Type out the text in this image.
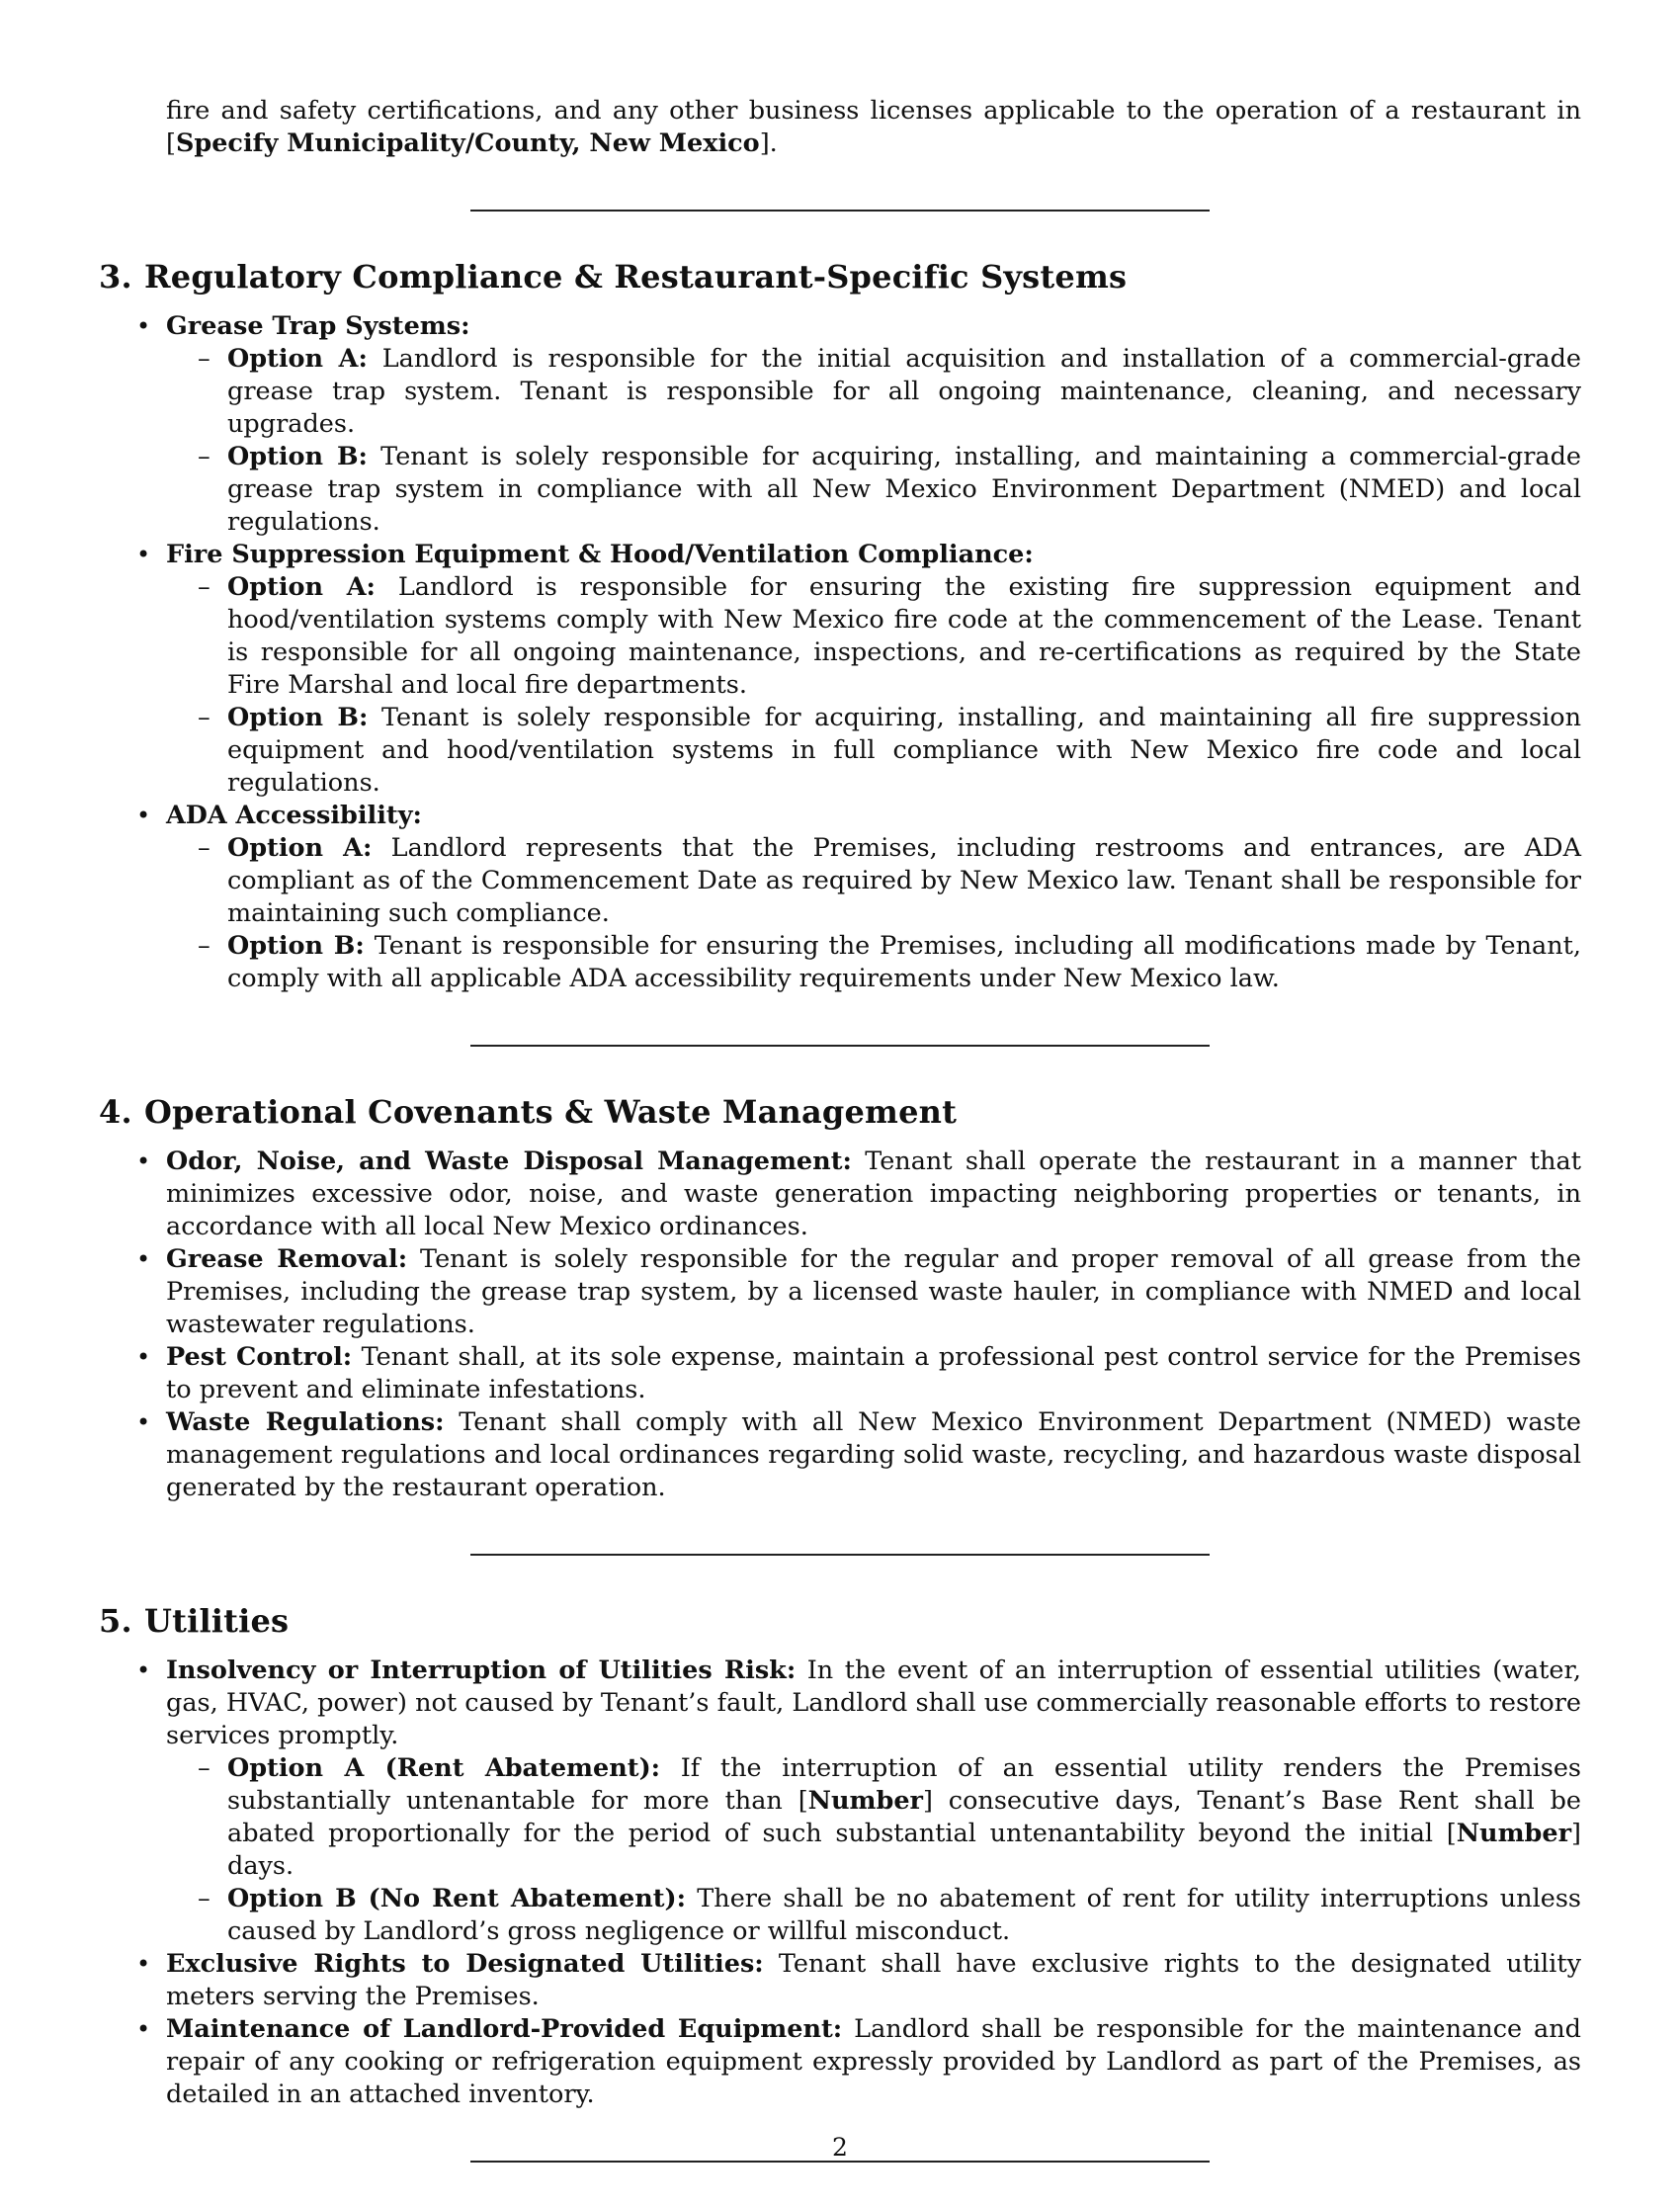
fire and safety certifications, and any other business licenses applicable to the operation of a restaurant in [Specify Municipality/County, New Mexico].

3. Regulatory Compliance & Restaurant-Specific Systems
• Grease Trap Systems:
– Option A: Landlord is responsible for the initial acquisition and installation of a commercial-grade grease trap system. Tenant is responsible for all ongoing maintenance, cleaning, and necessary upgrades.
– Option B: Tenant is solely responsible for acquiring, installing, and maintaining a commercial-grade grease trap system in compliance with all New Mexico Environment Department (NMED) and local regulations.
• Fire Suppression Equipment & Hood/Ventilation Compliance:
– Option A: Landlord is responsible for ensuring the existing fire suppression equipment and hood/ventilation systems comply with New Mexico fire code at the commencement of the Lease. Tenant is responsible for all ongoing maintenance, inspections, and re-certifications as required by the State Fire Marshal and local fire departments.
– Option B: Tenant is solely responsible for acquiring, installing, and maintaining all fire suppression equipment and hood/ventilation systems in full compliance with New Mexico fire code and local regulations.
• ADA Accessibility:
– Option A: Landlord represents that the Premises, including restrooms and entrances, are ADA compliant as of the Commencement Date as required by New Mexico law. Tenant shall be responsible for maintaining such compliance.
– Option B: Tenant is responsible for ensuring the Premises, including all modifications made by Tenant, comply with all applicable ADA accessibility requirements under New Mexico law.
4. Operational Covenants & Waste Management
• Odor, Noise, and Waste Disposal Management: Tenant shall operate the restaurant in a manner that minimizes excessive odor, noise, and waste generation impacting neighboring properties or tenants, in accordance with all local New Mexico ordinances.
• Grease Removal: Tenant is solely responsible for the regular and proper removal of all grease from the Premises, including the grease trap system, by a licensed waste hauler, in compliance with NMED and local wastewater regulations.
• Pest Control: Tenant shall, at its sole expense, maintain a professional pest control service for the Premises to prevent and eliminate infestations.
• Waste Regulations: Tenant shall comply with all New Mexico Environment Department (NMED) waste management regulations and local ordinances regarding solid waste, recycling, and hazardous waste disposal generated by the restaurant operation.
5. Utilities
• Insolvency or Interruption of Utilities Risk: In the event of an interruption of essential utilities (water, gas, HVAC, power) not caused by Tenant’s fault, Landlord shall use commercially reasonable efforts to restore services promptly.
– Option A (Rent Abatement): If the interruption of an essential utility renders the Premises substantially untenantable for more than [Number] consecutive days, Tenant’s Base Rent shall be abated proportionally for the period of such substantial untenantability beyond the initial [Number] days.
– Option B (No Rent Abatement): There shall be no abatement of rent for utility interruptions unless caused by Landlord’s gross negligence or willful misconduct.
• Exclusive Rights to Designated Utilities: Tenant shall have exclusive rights to the designated utility meters serving the Premises.
• Maintenance of Landlord-Provided Equipment: Landlord shall be responsible for the maintenance and repair of any cooking or refrigeration equipment expressly provided by Landlord as part of the Premises, as detailed in an attached inventory.
2
